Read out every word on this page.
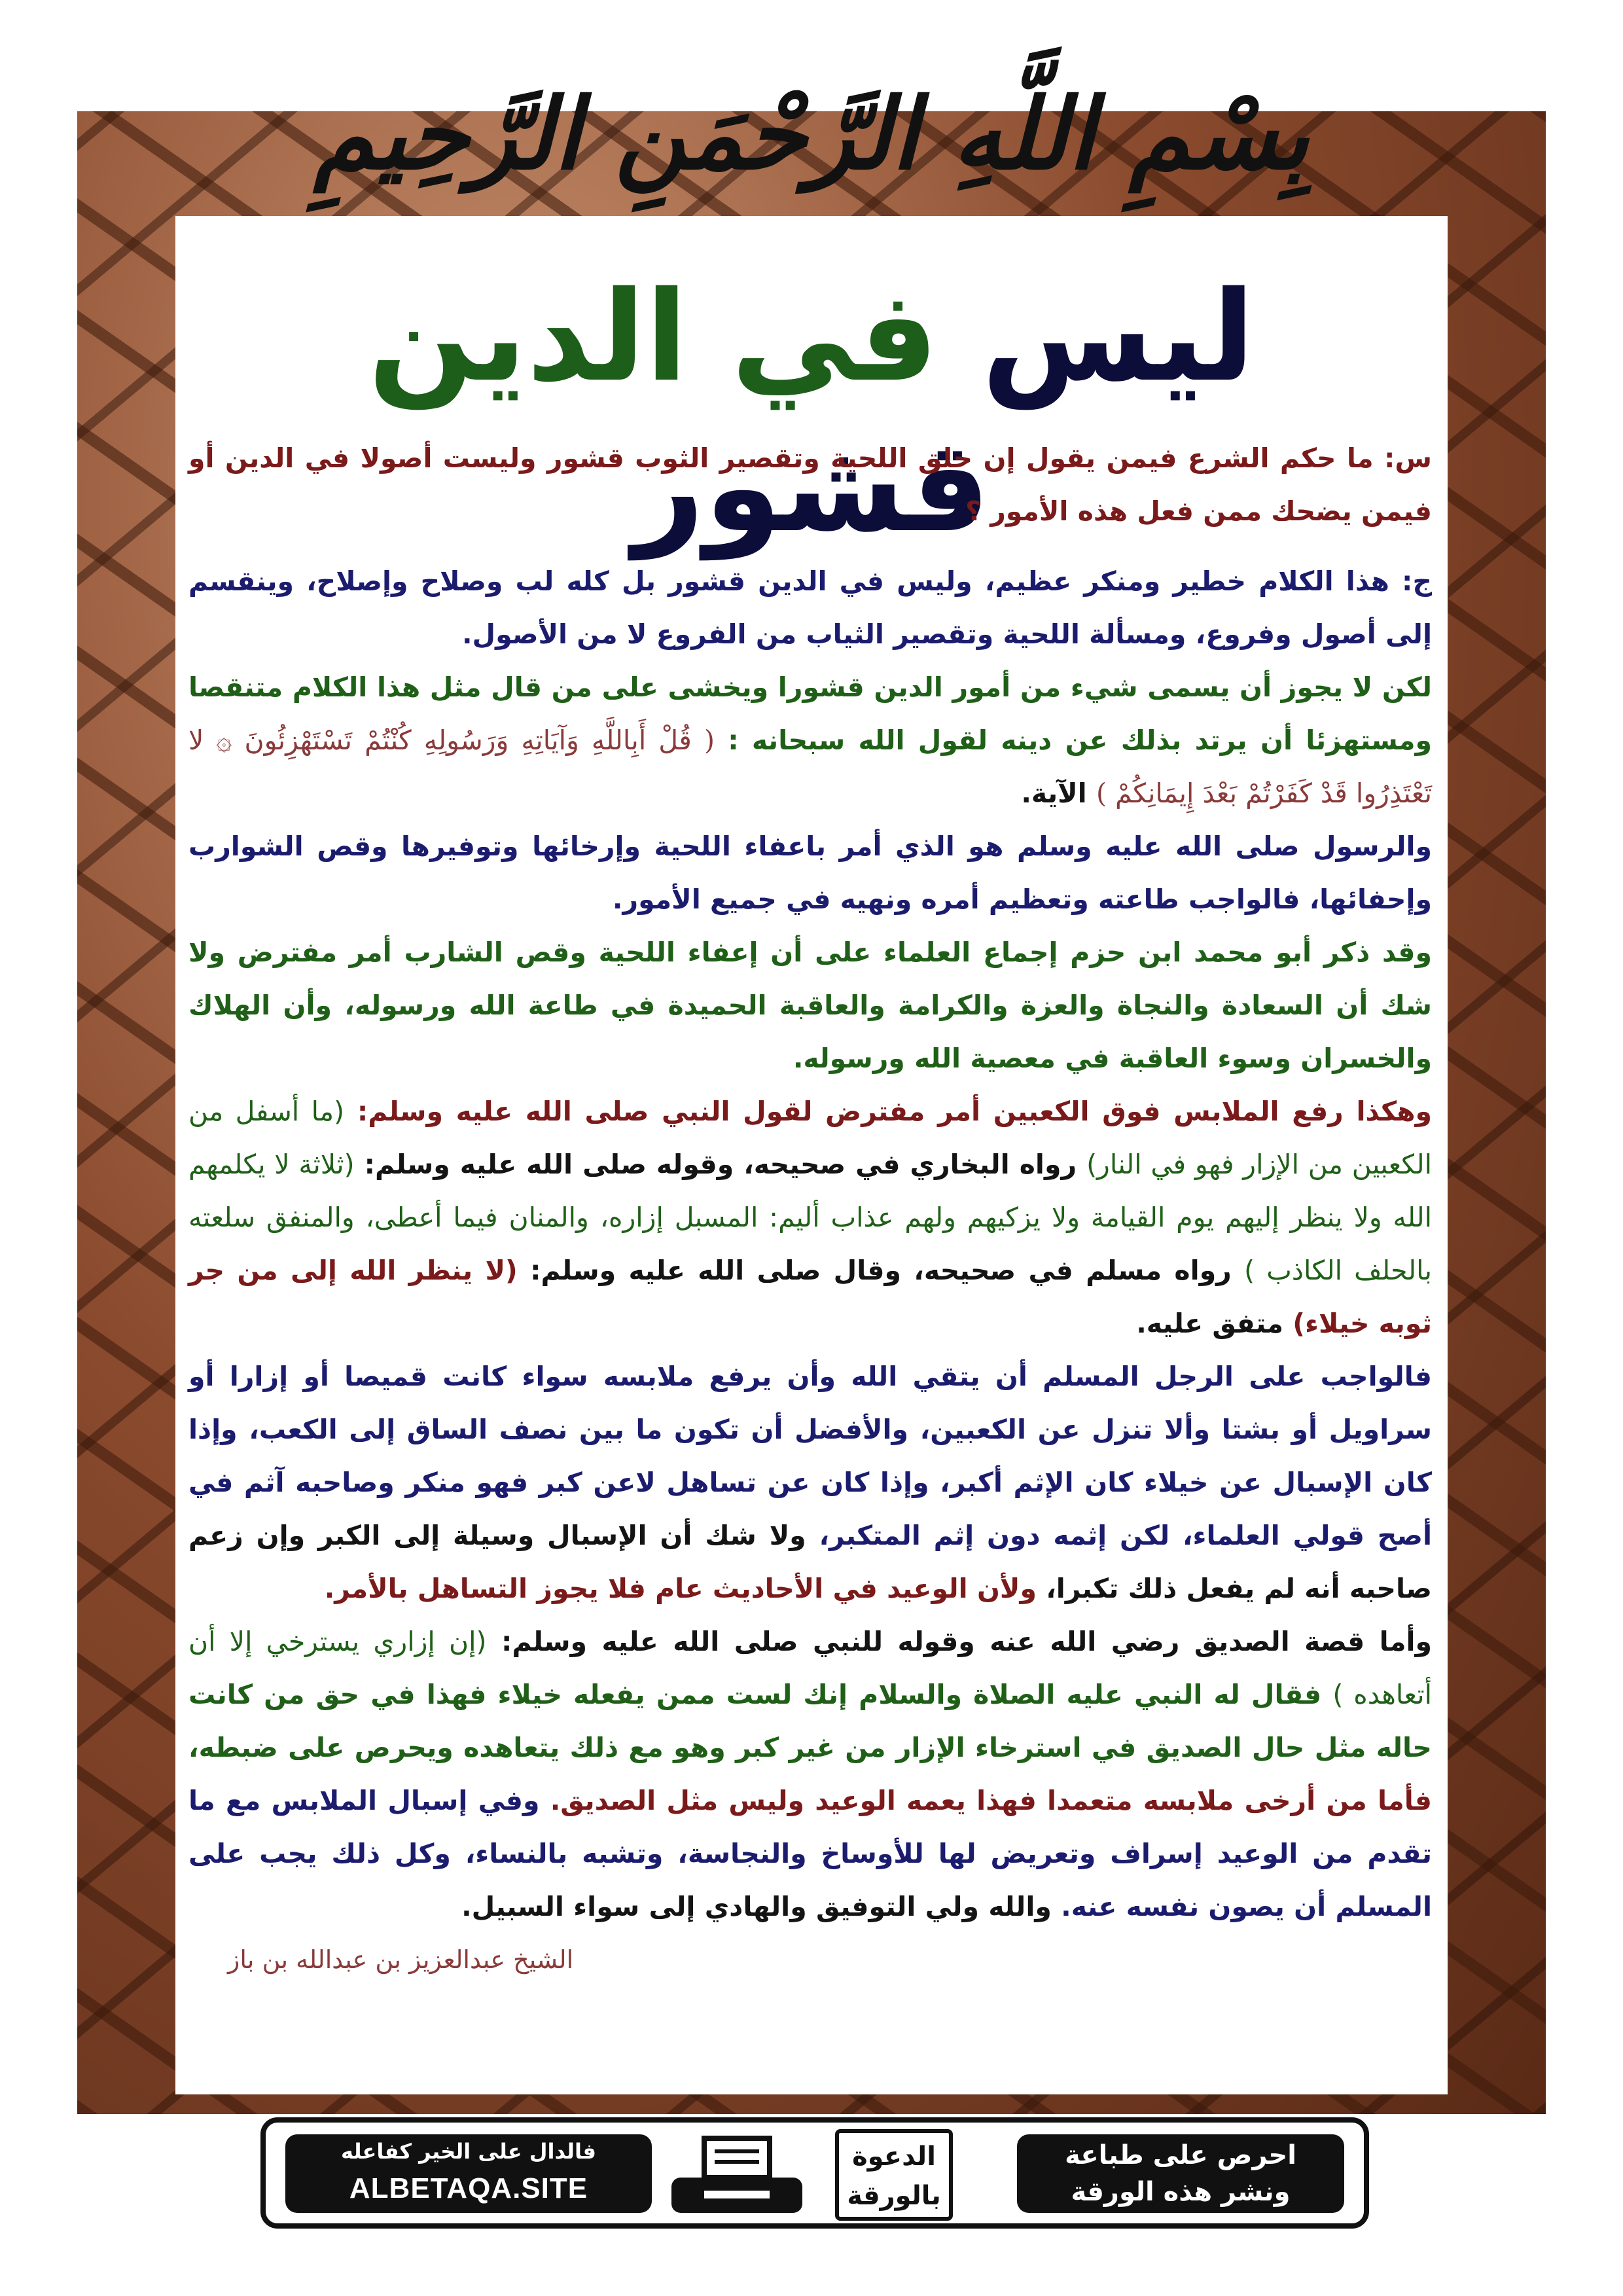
بِسْمِ اللَّهِ الرَّحْمَنِ الرَّحِيمِ
ليس في الدين قشور

س: ما حكم الشرع فيمن يقول إن حلق اللحية وتقصير الثوب قشور وليست أصولا في الدين أو فيمن يضحك ممن فعل هذه الأمور ؟

ج: هذا الكلام خطير ومنكر عظيم، وليس في الدين قشور بل كله لب وصلاح وإصلاح، وينقسم إلى أصول وفروع، ومسألة اللحية وتقصير الثياب من الفروع لا من الأصول.

لكن لا يجوز أن يسمى شيء من أمور الدين قشورا ويخشى على من قال مثل هذا الكلام متنقصا ومستهزئا أن يرتد بذلك عن دينه لقول الله سبحانه : ( قُلْ أَبِاللَّهِ وَآيَاتِهِ وَرَسُولِهِ كُنْتُمْ تَسْتَهْزِئُونَ ۞ لا تَعْتَذِرُوا قَدْ كَفَرْتُمْ بَعْدَ إِيمَانِكُمْ ) الآية.

والرسول صلى الله عليه وسلم هو الذي أمر باعفاء اللحية وإرخائها وتوفيرها وقص الشوارب وإحفائها، فالواجب طاعته وتعظيم أمره ونهيه في جميع الأمور.

وقد ذكر أبو محمد ابن حزم إجماع العلماء على أن إعفاء اللحية وقص الشارب أمر مفترض ولا شك أن السعادة والنجاة والعزة والكرامة والعاقبة الحميدة في طاعة الله ورسوله، وأن الهلاك والخسران وسوء العاقبة في معصية الله ورسوله.

وهكذا رفع الملابس فوق الكعبين أمر مفترض لقول النبي صلى الله عليه وسلم: (ما أسفل من الكعبين من الإزار فهو في النار) رواه البخاري في صحيحه، وقوله صلى الله عليه وسلم: (ثلاثة لا يكلمهم الله ولا ينظر إليهم يوم القيامة ولا يزكيهم ولهم عذاب أليم: المسبل إزاره، والمنان فيما أعطى، والمنفق سلعته بالحلف الكاذب ) رواه مسلم في صحيحه، وقال صلى الله عليه وسلم: (لا ينظر الله إلى من جر ثوبه خيلاء) متفق عليه.

فالواجب على الرجل المسلم أن يتقي الله وأن يرفع ملابسه سواء كانت قميصا أو إزارا أو سراويل أو بشتا وألا تنزل عن الكعبين، والأفضل أن تكون ما بين نصف الساق إلى الكعب، وإذا كان الإسبال عن خيلاء كان الإثم أكبر، وإذا كان عن تساهل لاعن كبر فهو منكر وصاحبه آثم في أصح قولي العلماء، لكن إثمه دون إثم المتكبر، ولا شك أن الإسبال وسيلة إلى الكبر وإن زعم صاحبه أنه لم يفعل ذلك تكبرا، ولأن الوعيد في الأحاديث عام فلا يجوز التساهل بالأمر.

وأما قصة الصديق رضي الله عنه وقوله للنبي صلى الله عليه وسلم: (إن إزاري يسترخي إلا أن أتعاهده ) فقال له النبي عليه الصلاة والسلام إنك لست ممن يفعله خيلاء فهذا في حق من كانت حاله مثل حال الصديق في استرخاء الإزار من غير كبر وهو مع ذلك يتعاهده ويحرص على ضبطه، فأما من أرخى ملابسه متعمدا فهذا يعمه الوعيد وليس مثل الصديق. وفي إسبال الملابس مع ما تقدم من الوعيد إسراف وتعريض لها للأوساخ والنجاسة، وتشبه بالنساء، وكل ذلك يجب على المسلم أن يصون نفسه عنه. والله ولي التوفيق والهادي إلى سواء السبيل.
الشيخ عبدالعزيز بن عبدالله بن باز

احرص على طباعة
ونشر هذه الورقة
الدعوة
بالورقة
فالدال على الخير كفاعله
ALBETAQA.SITE
